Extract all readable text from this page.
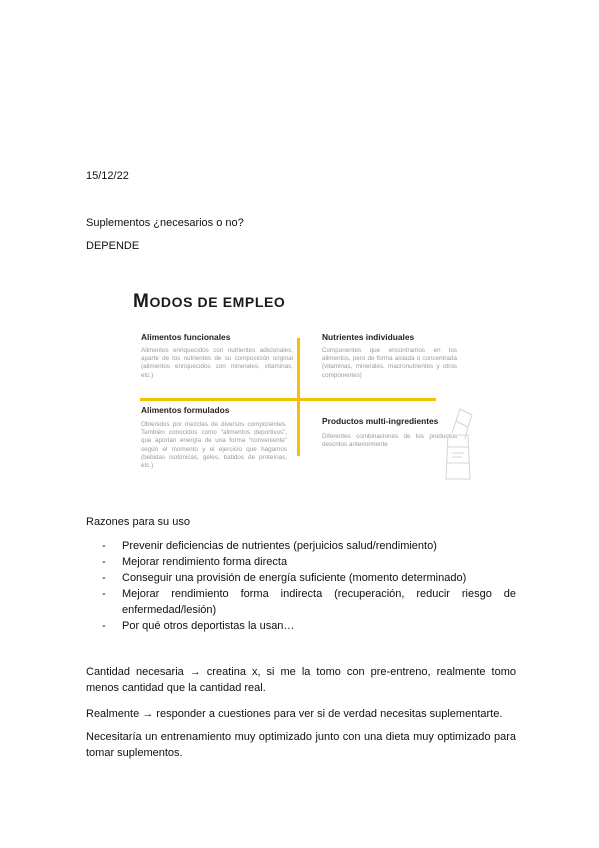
15/12/22

Suplementos ¿necesarios o no?

DEPENDE

MODOS DE EMPLEO
Alimentos funcionales
Alimentos enriquecidos con nutrientes adicionales, aparte de los nutrientes de su composición original (alimentos enriquecidos con minerales, vitaminas, etc.)
Nutrientes individuales
Componentes que encontramos en los alimentos, pero de forma aislada o concentrada (vitaminas, minerales, macronutrientes y otros componentes)
Alimentos formulados
Obtenidos por mezclas de diversos componentes. También conocidos como “alimentos deportivos”, que aportan energía de una forma “conveniente” según el momento y el ejercicio que hagamos (bebidas isotónicas, geles, batidos de proteínas, etc.)
Productos multi-ingredientes
Diferentes combinaciones de los productos descritos anteriormente

Razones para su uso

- Prevenir deficiencias de nutrientes (perjuicios salud/rendimiento)
- Mejorar rendimiento forma directa
- Conseguir una provisión de energía suficiente (momento determinado)
- Mejorar rendimiento forma indirecta (recuperación, reducir riesgo de enfermedad/lesión)
- Por qué otros deportistas la usan…

Cantidad necesaria → creatina x, si me la tomo con pre-entreno, realmente tomo menos cantidad que la cantidad real.

Realmente → responder a cuestiones para ver si de verdad necesitas suplementarte.

Necesitaría un entrenamiento muy optimizado junto con una dieta muy optimizado para tomar suplementos.
